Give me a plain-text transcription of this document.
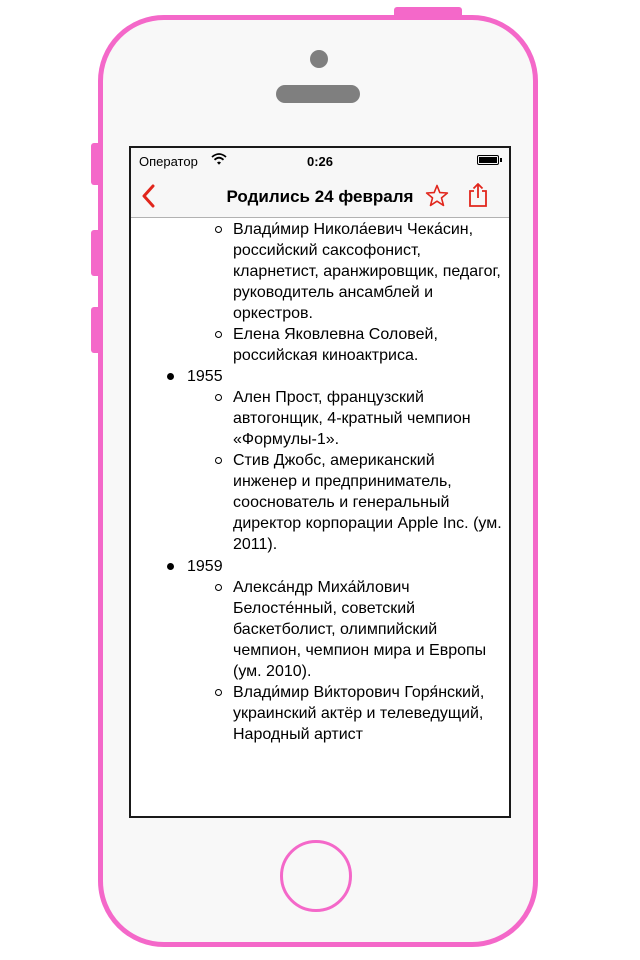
Оператор	0:26
Родились 24 февраля
Влади́мир Никола́евич Чека́син, российский саксофонист, кларнетист, аранжировщик, педагог, руководитель ансамблей и оркестров.
Елена Яковлевна Соловей, российская киноактриса.
1955
Ален Прост, французский автогонщик, 4-кратный чемпион «Формулы-1».
Стив Джобс, американский инженер и предприниматель, сооснователь и генеральный директор корпорации Apple Inc. (ум. 2011).
1959
Алекса́ндр Миха́йлович Белосте́нный, советский баскетболист, олимпийский чемпион, чемпион мира и Европы (ум. 2010).
Влади́мир Ви́кторович Горя́нский, украинский актёр и телеведущий, Народный артист
